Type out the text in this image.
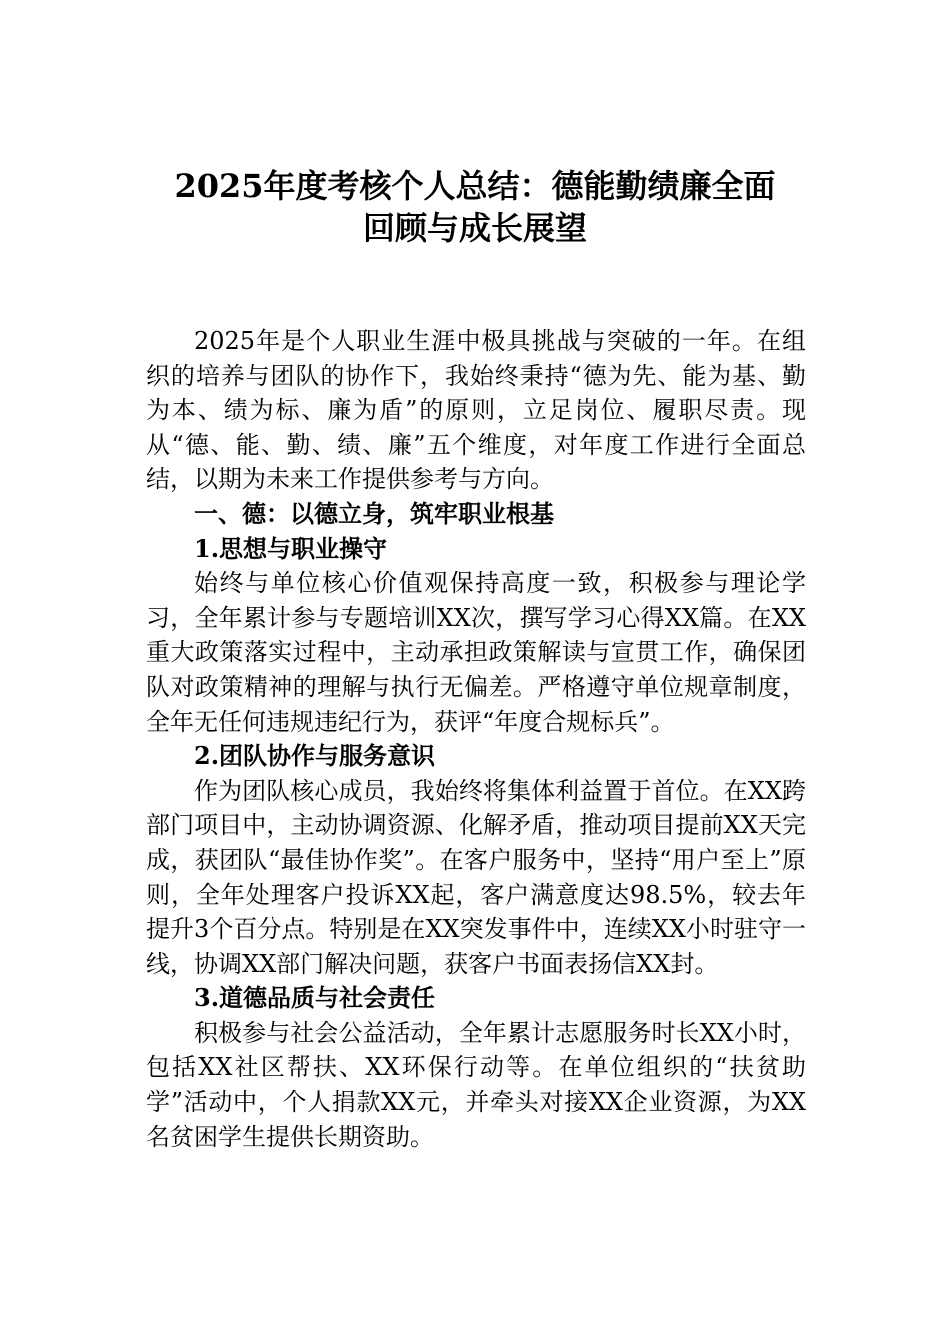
2025年度考核个人总结：德能勤绩廉全面
回顾与成长展望

2025年是个人职业生涯中极具挑战与突破的一年。在组织的培养与团队的协作下，我始终秉持“德为先、能为基、勤为本、绩为标、廉为盾”的原则，立足岗位、履职尽责。现从“德、能、勤、绩、廉”五个维度，对年度工作进行全面总结，以期为未来工作提供参考与方向。

一、德：以德立身，筑牢职业根基

1.思想与职业操守

始终与单位核心价值观保持高度一致，积极参与理论学习，全年累计参与专题培训XX次，撰写学习心得XX篇。在XX重大政策落实过程中，主动承担政策解读与宣贯工作，确保团队对政策精神的理解与执行无偏差。严格遵守单位规章制度，全年无任何违规违纪行为，获评“年度合规标兵”。

2.团队协作与服务意识

作为团队核心成员，我始终将集体利益置于首位。在XX跨部门项目中，主动协调资源、化解矛盾，推动项目提前XX天完成，获团队“最佳协作奖”。在客户服务中，坚持“用户至上”原则，全年处理客户投诉XX起，客户满意度达98.5%，较去年提升3个百分点。特别是在XX突发事件中，连续XX小时驻守一线，协调XX部门解决问题，获客户书面表扬信XX封。

3.道德品质与社会责任

积极参与社会公益活动，全年累计志愿服务时长XX小时，包括XX社区帮扶、XX环保行动等。在单位组织的“扶贫助学”活动中，个人捐款XX元，并牵头对接XX企业资源，为XX名贫困学生提供长期资助。
